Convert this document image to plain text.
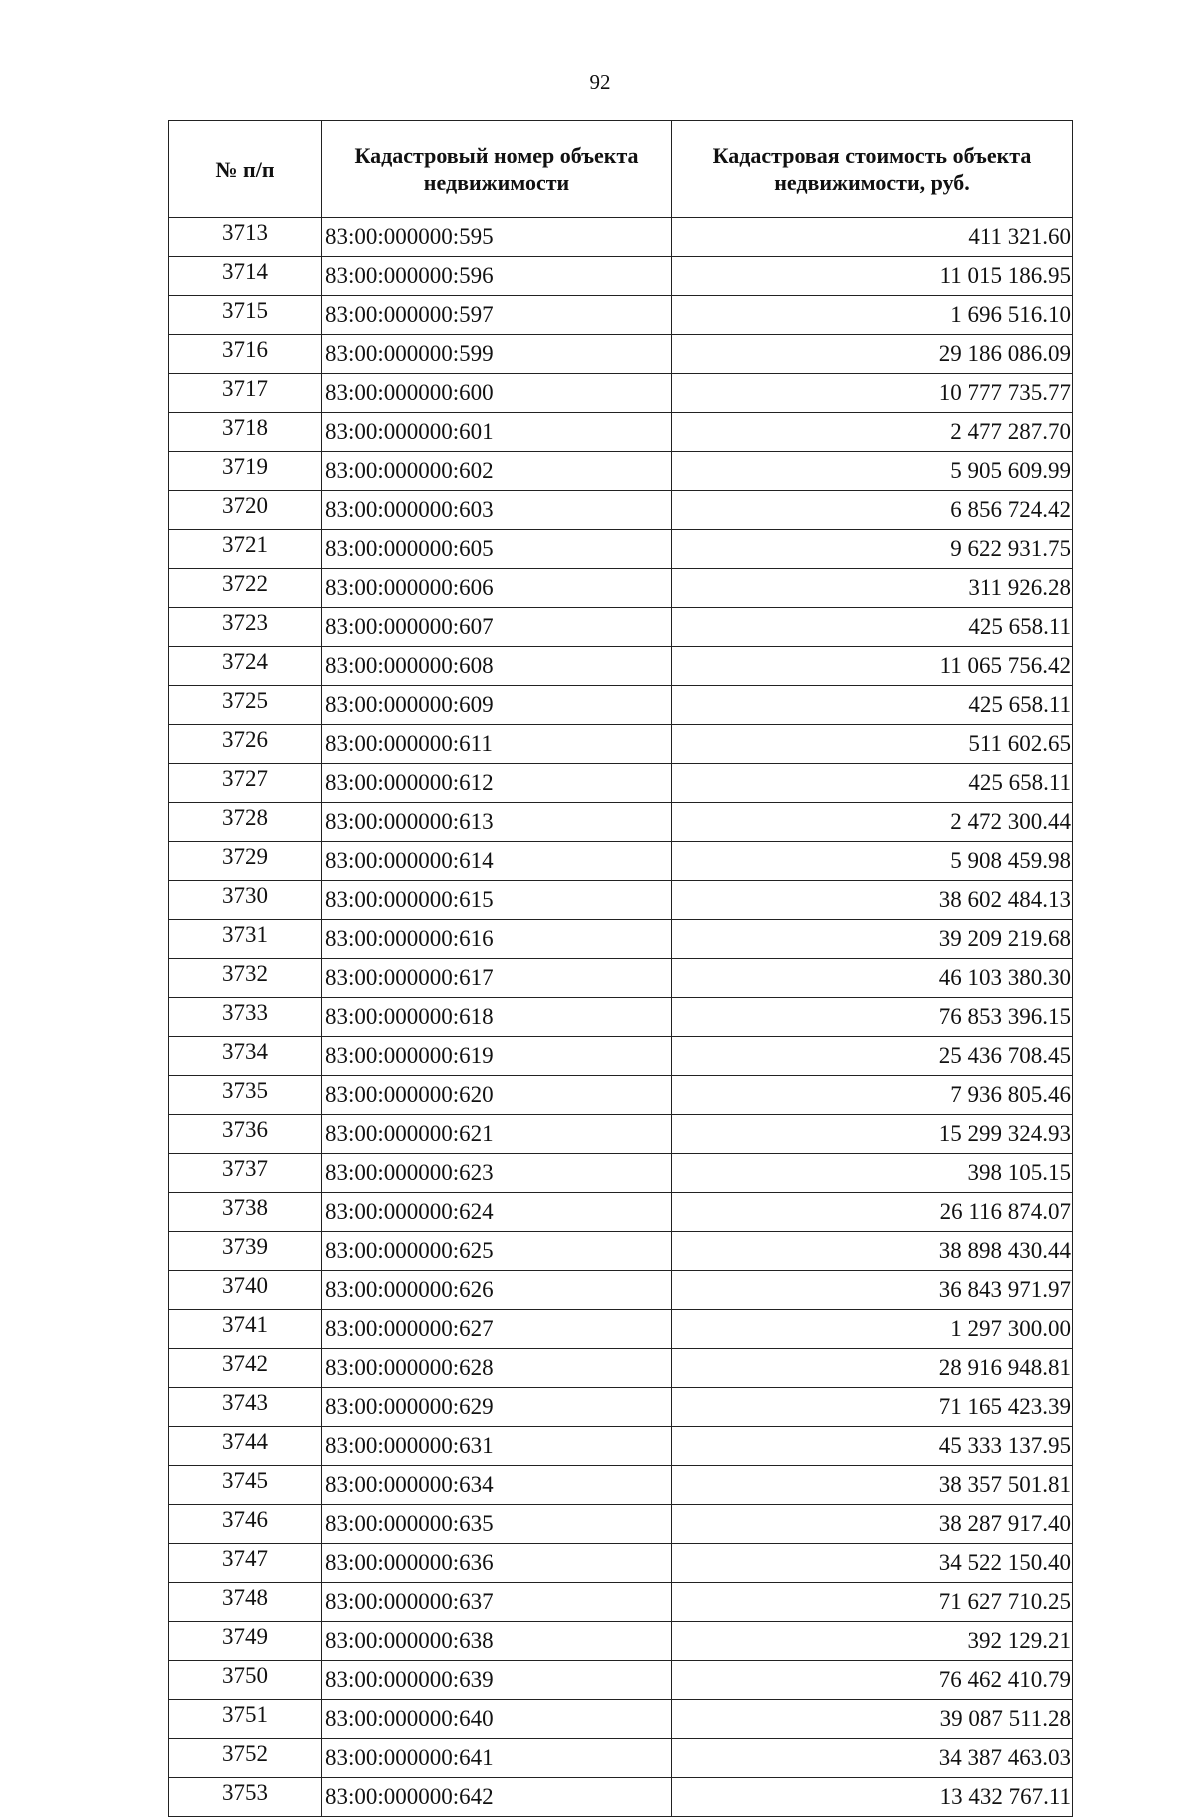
92
№ п/п	Кадастровый номер объекта недвижимости	Кадастровая стоимость объекта недвижимости, руб.
3713	83:00:000000:595	411 321.60
3714	83:00:000000:596	11 015 186.95
3715	83:00:000000:597	1 696 516.10
3716	83:00:000000:599	29 186 086.09
3717	83:00:000000:600	10 777 735.77
3718	83:00:000000:601	2 477 287.70
3719	83:00:000000:602	5 905 609.99
3720	83:00:000000:603	6 856 724.42
3721	83:00:000000:605	9 622 931.75
3722	83:00:000000:606	311 926.28
3723	83:00:000000:607	425 658.11
3724	83:00:000000:608	11 065 756.42
3725	83:00:000000:609	425 658.11
3726	83:00:000000:611	511 602.65
3727	83:00:000000:612	425 658.11
3728	83:00:000000:613	2 472 300.44
3729	83:00:000000:614	5 908 459.98
3730	83:00:000000:615	38 602 484.13
3731	83:00:000000:616	39 209 219.68
3732	83:00:000000:617	46 103 380.30
3733	83:00:000000:618	76 853 396.15
3734	83:00:000000:619	25 436 708.45
3735	83:00:000000:620	7 936 805.46
3736	83:00:000000:621	15 299 324.93
3737	83:00:000000:623	398 105.15
3738	83:00:000000:624	26 116 874.07
3739	83:00:000000:625	38 898 430.44
3740	83:00:000000:626	36 843 971.97
3741	83:00:000000:627	1 297 300.00
3742	83:00:000000:628	28 916 948.81
3743	83:00:000000:629	71 165 423.39
3744	83:00:000000:631	45 333 137.95
3745	83:00:000000:634	38 357 501.81
3746	83:00:000000:635	38 287 917.40
3747	83:00:000000:636	34 522 150.40
3748	83:00:000000:637	71 627 710.25
3749	83:00:000000:638	392 129.21
3750	83:00:000000:639	76 462 410.79
3751	83:00:000000:640	39 087 511.28
3752	83:00:000000:641	34 387 463.03
3753	83:00:000000:642	13 432 767.11
